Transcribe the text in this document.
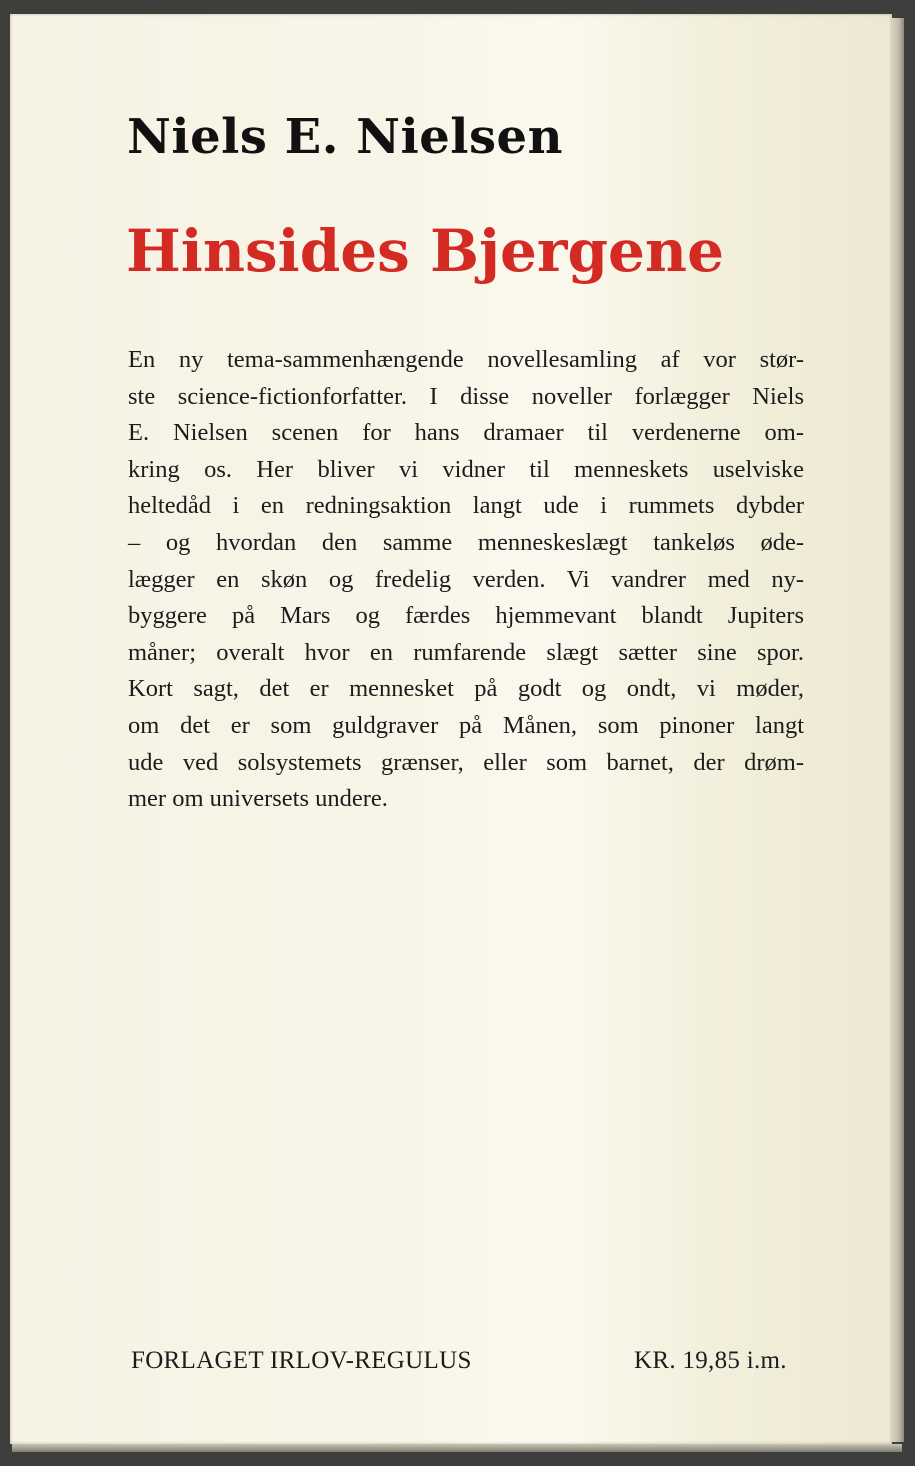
Niels E. Nielsen
Hinsides Bjergene
En ny tema-sammenhængende novellesamling af vor stør-
ste science-fictionforfatter. I disse noveller forlægger Niels
E. Nielsen scenen for hans dramaer til verdenerne om-
kring os. Her bliver vi vidner til menneskets uselviske
heltedåd i en redningsaktion langt ude i rummets dybder
– og hvordan den samme menneskeslægt tankeløs øde-
lægger en skøn og fredelig verden. Vi vandrer med ny-
byggere på Mars og færdes hjemmevant blandt Jupiters
måner; overalt hvor en rumfarende slægt sætter sine spor.
Kort sagt, det er mennesket på godt og ondt, vi møder,
om det er som guldgraver på Månen, som pinoner langt
ude ved solsystemets grænser, eller som barnet, der drøm-
mer om universets undere.
FORLAGET IRLOV-REGULUS	KR. 19,85 i.m.
